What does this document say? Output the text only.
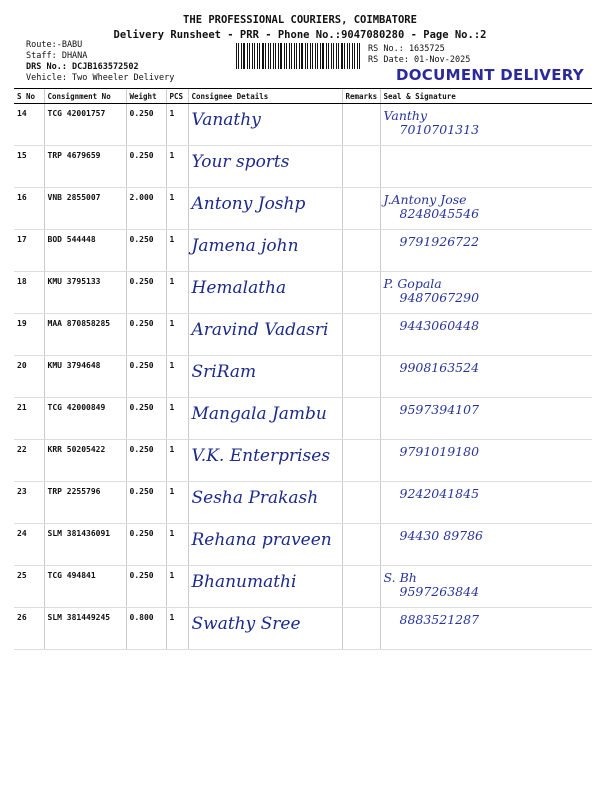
THE PROFESSIONAL COURIERS, COIMBATORE
Delivery Runsheet - PRR - Phone No.:9047080280 - Page No.:2
Route:-BABU
Staff: DHANA
DRS No.: DCJB163572502
Vehicle: Two Wheeler Delivery
RS No.: 1635725
RS Date: 01-Nov-2025
DOCUMENT DELIVERY
S No	Consignment No	Weight	PCS	Consignee Details	Remarks	Seal & Signature
14	TCG 42001757	0.250	1	Vanathy		Vanthy
7010701313

15	TRP 4679659	0.250	1	Your sports		

16	VNB 2855007	2.000	1	Antony Joshp		J.Antony Jose
8248045546

17	BOD 544448	0.250	1	Jamena john		9791926722

18	KMU 3795133	0.250	1	Hemalatha		P. Gopala
9487067290

19	MAA 870858285	0.250	1	Aravind Vadasri		9443060448

20	KMU 3794648	0.250	1	SriRam		9908163524

21	TCG 42000849	0.250	1	Mangala Jambu		9597394107

22	KRR 50205422	0.250	1	V.K. Enterprises		9791019180

23	TRP 2255796	0.250	1	Sesha Prakash		9242041845

24	SLM 381436091	0.250	1	Rehana praveen		94430 89786

25	TCG 494841	0.250	1	Bhanumathi		S. Bh
9597263844

26	SLM 381449245	0.800	1	Swathy Sree		8883521287
